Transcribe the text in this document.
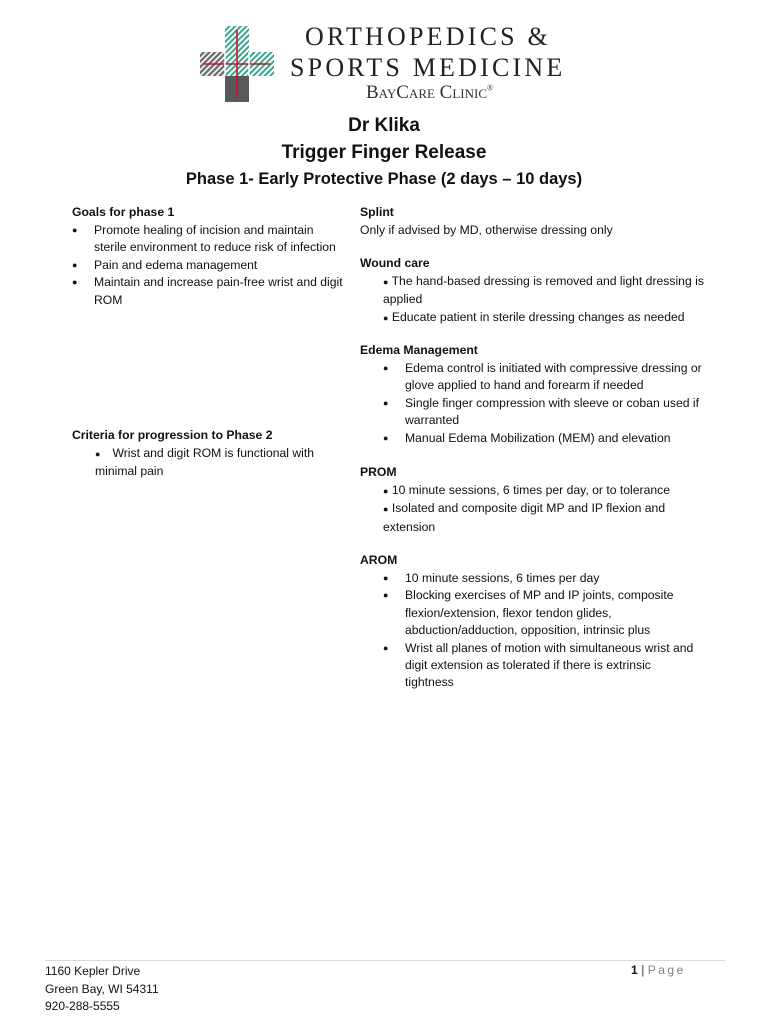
ORTHOPEDICS &
SPORTS MEDICINE
BayCare Clinic®
Dr Klika
Trigger Finger Release
Phase 1- Early Protective Phase (2 days – 10 days)
Goals for phase 1
● Promote healing of incision and maintain sterile environment to reduce risk of infection
● Pain and edema management
● Maintain and increase pain-free wrist and digit ROM
Criteria for progression to Phase 2
● Wrist and digit ROM is functional with minimal pain
Splint
Only if advised by MD, otherwise dressing only
Wound care
● The hand-based dressing is removed and light dressing is applied
● Educate patient in sterile dressing changes as needed
Edema Management
● Edema control is initiated with compressive dressing or glove applied to hand and forearm if needed
● Single finger compression with sleeve or coban used if warranted
● Manual Edema Mobilization (MEM) and elevation
PROM
● 10 minute sessions, 6 times per day, or to tolerance
● Isolated and composite digit MP and IP flexion and extension
AROM
● 10 minute sessions, 6 times per day
● Blocking exercises of MP and IP joints, composite flexion/extension, flexor tendon glides, abduction/adduction, opposition, intrinsic plus
● Wrist all planes of motion with simultaneous wrist and digit extension as tolerated if there is extrinsic tightness
1160 Kepler Drive
Green Bay, WI 54311
920-288-5555
1 | Page
